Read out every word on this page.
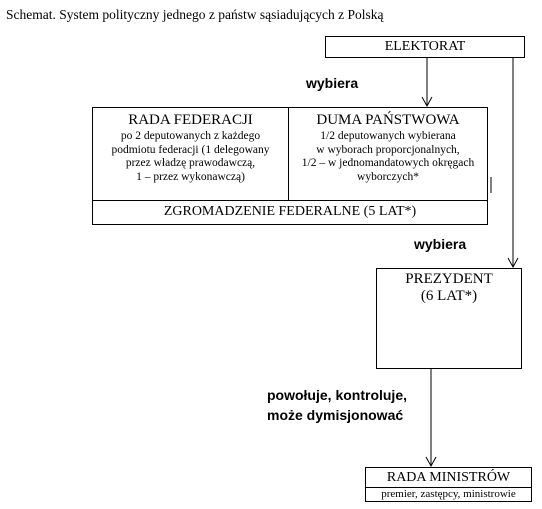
Schemat. System polityczny jednego z państw sąsiadujących z Polską
ELEKTORAT
wybiera
RADA FEDERACJI
po 2 deputowanych z każdego
podmiotu federacji (1 delegowany
przez władzę prawodawczą,
1 – przez wykonawczą)
DUMA PAŃSTWOWA
1/2 deputowanych wybierana
w wyborach proporcjonalnych,
1/2 – w jednomandatowych okręgach
wyborczych*
ZGROMADZENIE FEDERALNE (5 LAT*)
wybiera
PREZYDENT
(6 LAT*)
powołuje, kontroluje,
może dymisjonować
RADA MINISTRÓW
premier, zastępcy, ministrowie
